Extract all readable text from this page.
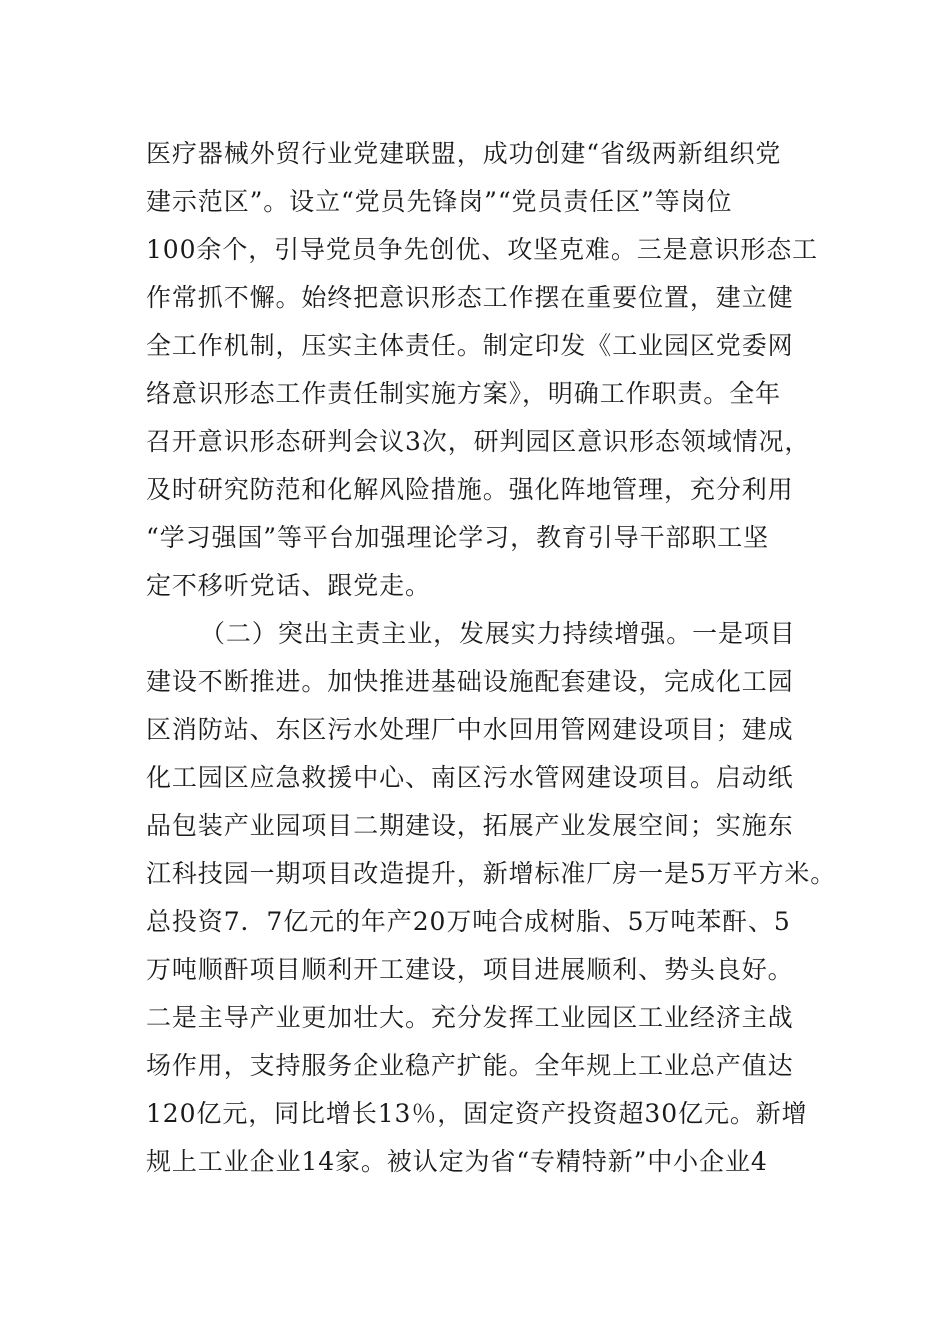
医疗器械外贸行业党建联盟，成功创建“省级两新组织党
建示范区”。设立“党员先锋岗”“党员责任区”等岗位
100余个，引导党员争先创优、攻坚克难。三是意识形态工
作常抓不懈。始终把意识形态工作摆在重要位置，建立健
全工作机制，压实主体责任。制定印发《工业园区党委网
络意识形态工作责任制实施方案》，明确工作职责。全年
召开意识形态研判会议3次，研判园区意识形态领域情况，
及时研究防范和化解风险措施。强化阵地管理，充分利用
“学习强国”等平台加强理论学习，教育引导干部职工坚
定不移听党话、跟党走。
（二）突出主责主业，发展实力持续增强。一是项目
建设不断推进。加快推进基础设施配套建设，完成化工园
区消防站、东区污水处理厂中水回用管网建设项目；建成
化工园区应急救援中心、南区污水管网建设项目。启动纸
品包装产业园项目二期建设，拓展产业发展空间；实施东
江科技园一期项目改造提升，新增标准厂房一是5万平方米。
总投资7．7亿元的年产20万吨合成树脂、5万吨苯酐、5
万吨顺酐项目顺利开工建设，项目进展顺利、势头良好。
二是主导产业更加壮大。充分发挥工业园区工业经济主战
场作用，支持服务企业稳产扩能。全年规上工业总产值达
120亿元，同比增长13％，固定资产投资超30亿元。新增
规上工业企业14家。被认定为省“专精特新”中小企业4
